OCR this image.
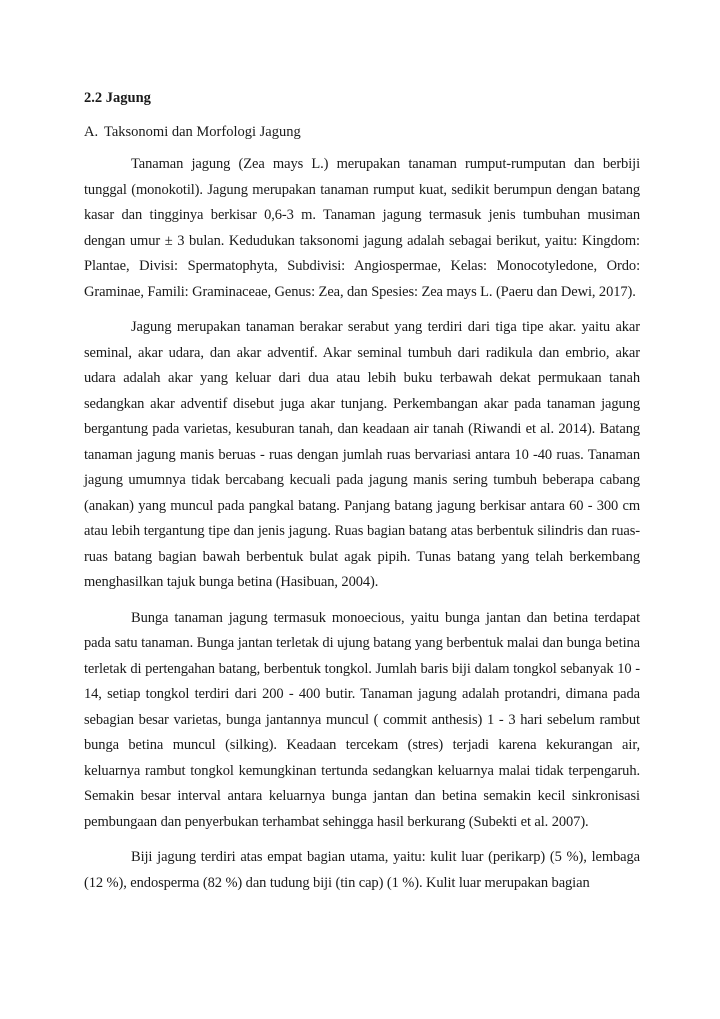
2.2 Jagung
A. Taksonomi dan Morfologi Jagung

Tanaman jagung (Zea mays L.) merupakan tanaman rumput-rumputan dan berbiji tunggal (monokotil). Jagung merupakan tanaman rumput kuat, sedikit berumpun dengan batang kasar dan tingginya berkisar 0,6-3 m. Tanaman jagung termasuk jenis tumbuhan musiman dengan umur ± 3 bulan. Kedudukan taksonomi jagung adalah sebagai berikut, yaitu: Kingdom: Plantae, Divisi: Spermatophyta, Subdivisi: Angiospermae, Kelas: Monocotyledone, Ordo: Graminae, Famili: Graminaceae, Genus: Zea, dan Spesies: Zea mays L. (Paeru dan Dewi, 2017).

Jagung merupakan tanaman berakar serabut yang terdiri dari tiga tipe akar. yaitu akar seminal, akar udara, dan akar adventif. Akar seminal tumbuh dari radikula dan embrio, akar udara adalah akar yang keluar dari dua atau lebih buku terbawah dekat permukaan tanah sedangkan akar adventif disebut juga akar tunjang. Perkembangan akar pada tanaman jagung bergantung pada varietas, kesuburan tanah, dan keadaan air tanah (Riwandi et al. 2014). Batang tanaman jagung manis beruas - ruas dengan jumlah ruas bervariasi antara 10 -40 ruas. Tanaman jagung umumnya tidak bercabang kecuali pada jagung manis sering tumbuh beberapa cabang (anakan) yang muncul pada pangkal batang. Panjang batang jagung berkisar antara 60 - 300 cm atau lebih tergantung tipe dan jenis jagung. Ruas bagian batang atas berbentuk silindris dan ruas-ruas batang bagian bawah berbentuk bulat agak pipih. Tunas batang yang telah berkembang menghasilkan tajuk bunga betina (Hasibuan, 2004).

Bunga tanaman jagung termasuk monoecious, yaitu bunga jantan dan betina terdapat pada satu tanaman. Bunga jantan terletak di ujung batang yang berbentuk malai dan bunga betina terletak di pertengahan batang, berbentuk tongkol. Jumlah baris biji dalam tongkol sebanyak 10 - 14, setiap tongkol terdiri dari 200 - 400 butir. Tanaman jagung adalah protandri, dimana pada sebagian besar varietas, bunga jantannya muncul ( commit anthesis) 1 - 3 hari sebelum rambut bunga betina muncul (silking). Keadaan tercekam (stres) terjadi karena kekurangan air, keluarnya rambut tongkol kemungkinan tertunda sedangkan keluarnya malai tidak terpengaruh. Semakin besar interval antara keluarnya bunga jantan dan betina semakin kecil sinkronisasi pembungaan dan penyerbukan terhambat sehingga hasil berkurang (Subekti et al. 2007).

Biji jagung terdiri atas empat bagian utama, yaitu: kulit luar (perikarp) (5 %), lembaga (12 %), endosperma (82 %) dan tudung biji (tin cap) (1 %). Kulit luar merupakan bagian
